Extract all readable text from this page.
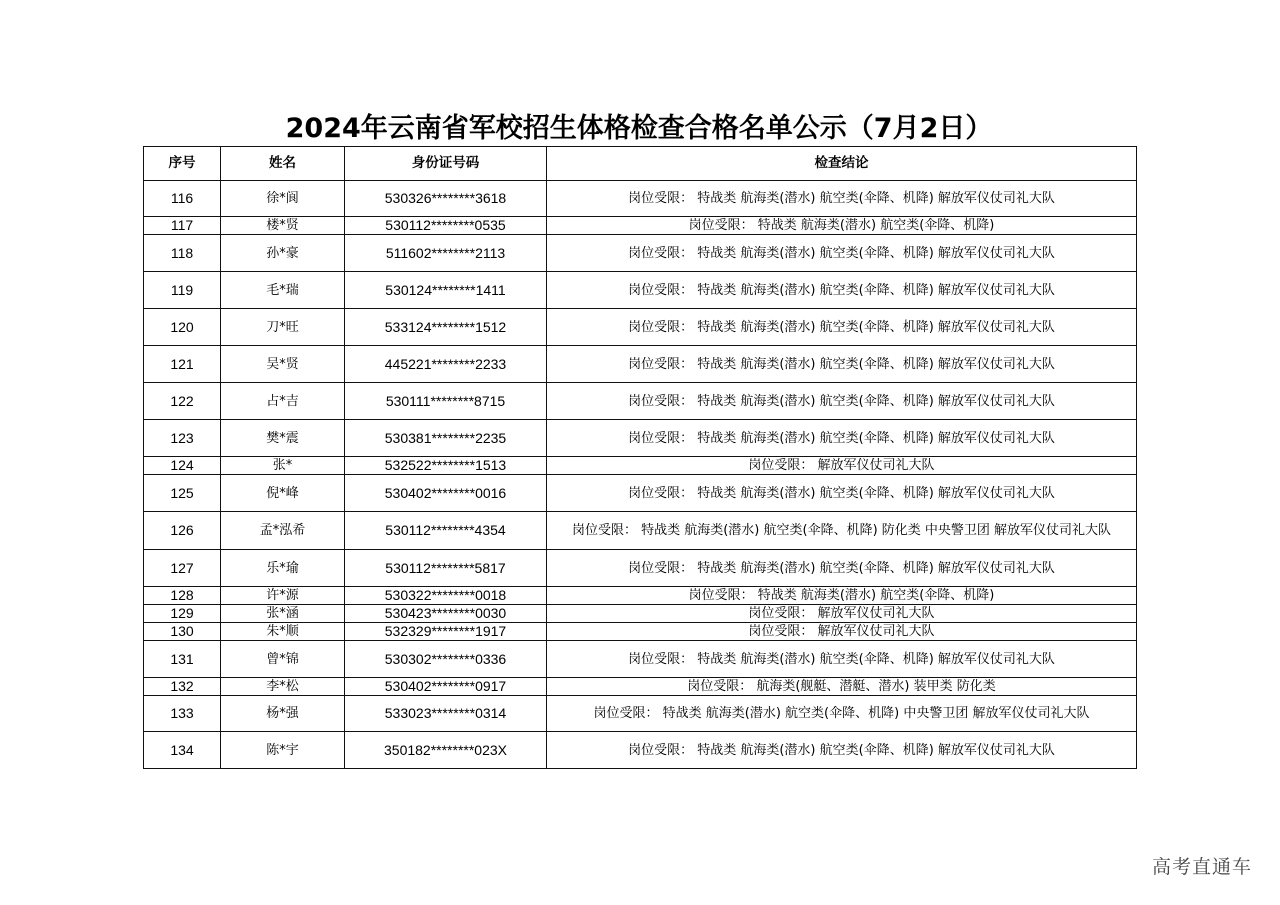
2024年云南省军校招生体格检查合格名单公示（7月2日）
序号	姓名	身份证号码	检查结论
116	徐*阆	530326********3618	岗位受限： 特战类 航海类(潜水) 航空类(伞降、机降) 解放军仪仗司礼大队
117	楼*贤	530112********0535	岗位受限： 特战类 航海类(潜水) 航空类(伞降、机降)
118	孙*豪	511602********2113	岗位受限： 特战类 航海类(潜水) 航空类(伞降、机降) 解放军仪仗司礼大队
119	毛*瑞	530124********1411	岗位受限： 特战类 航海类(潜水) 航空类(伞降、机降) 解放军仪仗司礼大队
120	刀*旺	533124********1512	岗位受限： 特战类 航海类(潜水) 航空类(伞降、机降) 解放军仪仗司礼大队
121	吴*贤	445221********2233	岗位受限： 特战类 航海类(潜水) 航空类(伞降、机降) 解放军仪仗司礼大队
122	占*吉	530111********8715	岗位受限： 特战类 航海类(潜水) 航空类(伞降、机降) 解放军仪仗司礼大队
123	樊*震	530381********2235	岗位受限： 特战类 航海类(潜水) 航空类(伞降、机降) 解放军仪仗司礼大队
124	张*	532522********1513	岗位受限： 解放军仪仗司礼大队
125	倪*峰	530402********0016	岗位受限： 特战类 航海类(潜水) 航空类(伞降、机降) 解放军仪仗司礼大队
126	孟*泓希	530112********4354	岗位受限： 特战类 航海类(潜水) 航空类(伞降、机降) 防化类 中央警卫团 解放军仪仗司礼大队
127	乐*瑜	530112********5817	岗位受限： 特战类 航海类(潜水) 航空类(伞降、机降) 解放军仪仗司礼大队
128	许*源	530322********0018	岗位受限： 特战类 航海类(潜水) 航空类(伞降、机降)
129	张*涵	530423********0030	岗位受限： 解放军仪仗司礼大队
130	朱*顺	532329********1917	岗位受限： 解放军仪仗司礼大队
131	曾*锦	530302********0336	岗位受限： 特战类 航海类(潜水) 航空类(伞降、机降) 解放军仪仗司礼大队
132	李*松	530402********0917	岗位受限： 航海类(舰艇、潜艇、潜水) 装甲类 防化类
133	杨*强	533023********0314	岗位受限： 特战类 航海类(潜水) 航空类(伞降、机降) 中央警卫团 解放军仪仗司礼大队
134	陈*宇	350182********023X	岗位受限： 特战类 航海类(潜水) 航空类(伞降、机降) 解放军仪仗司礼大队
高考直通车
